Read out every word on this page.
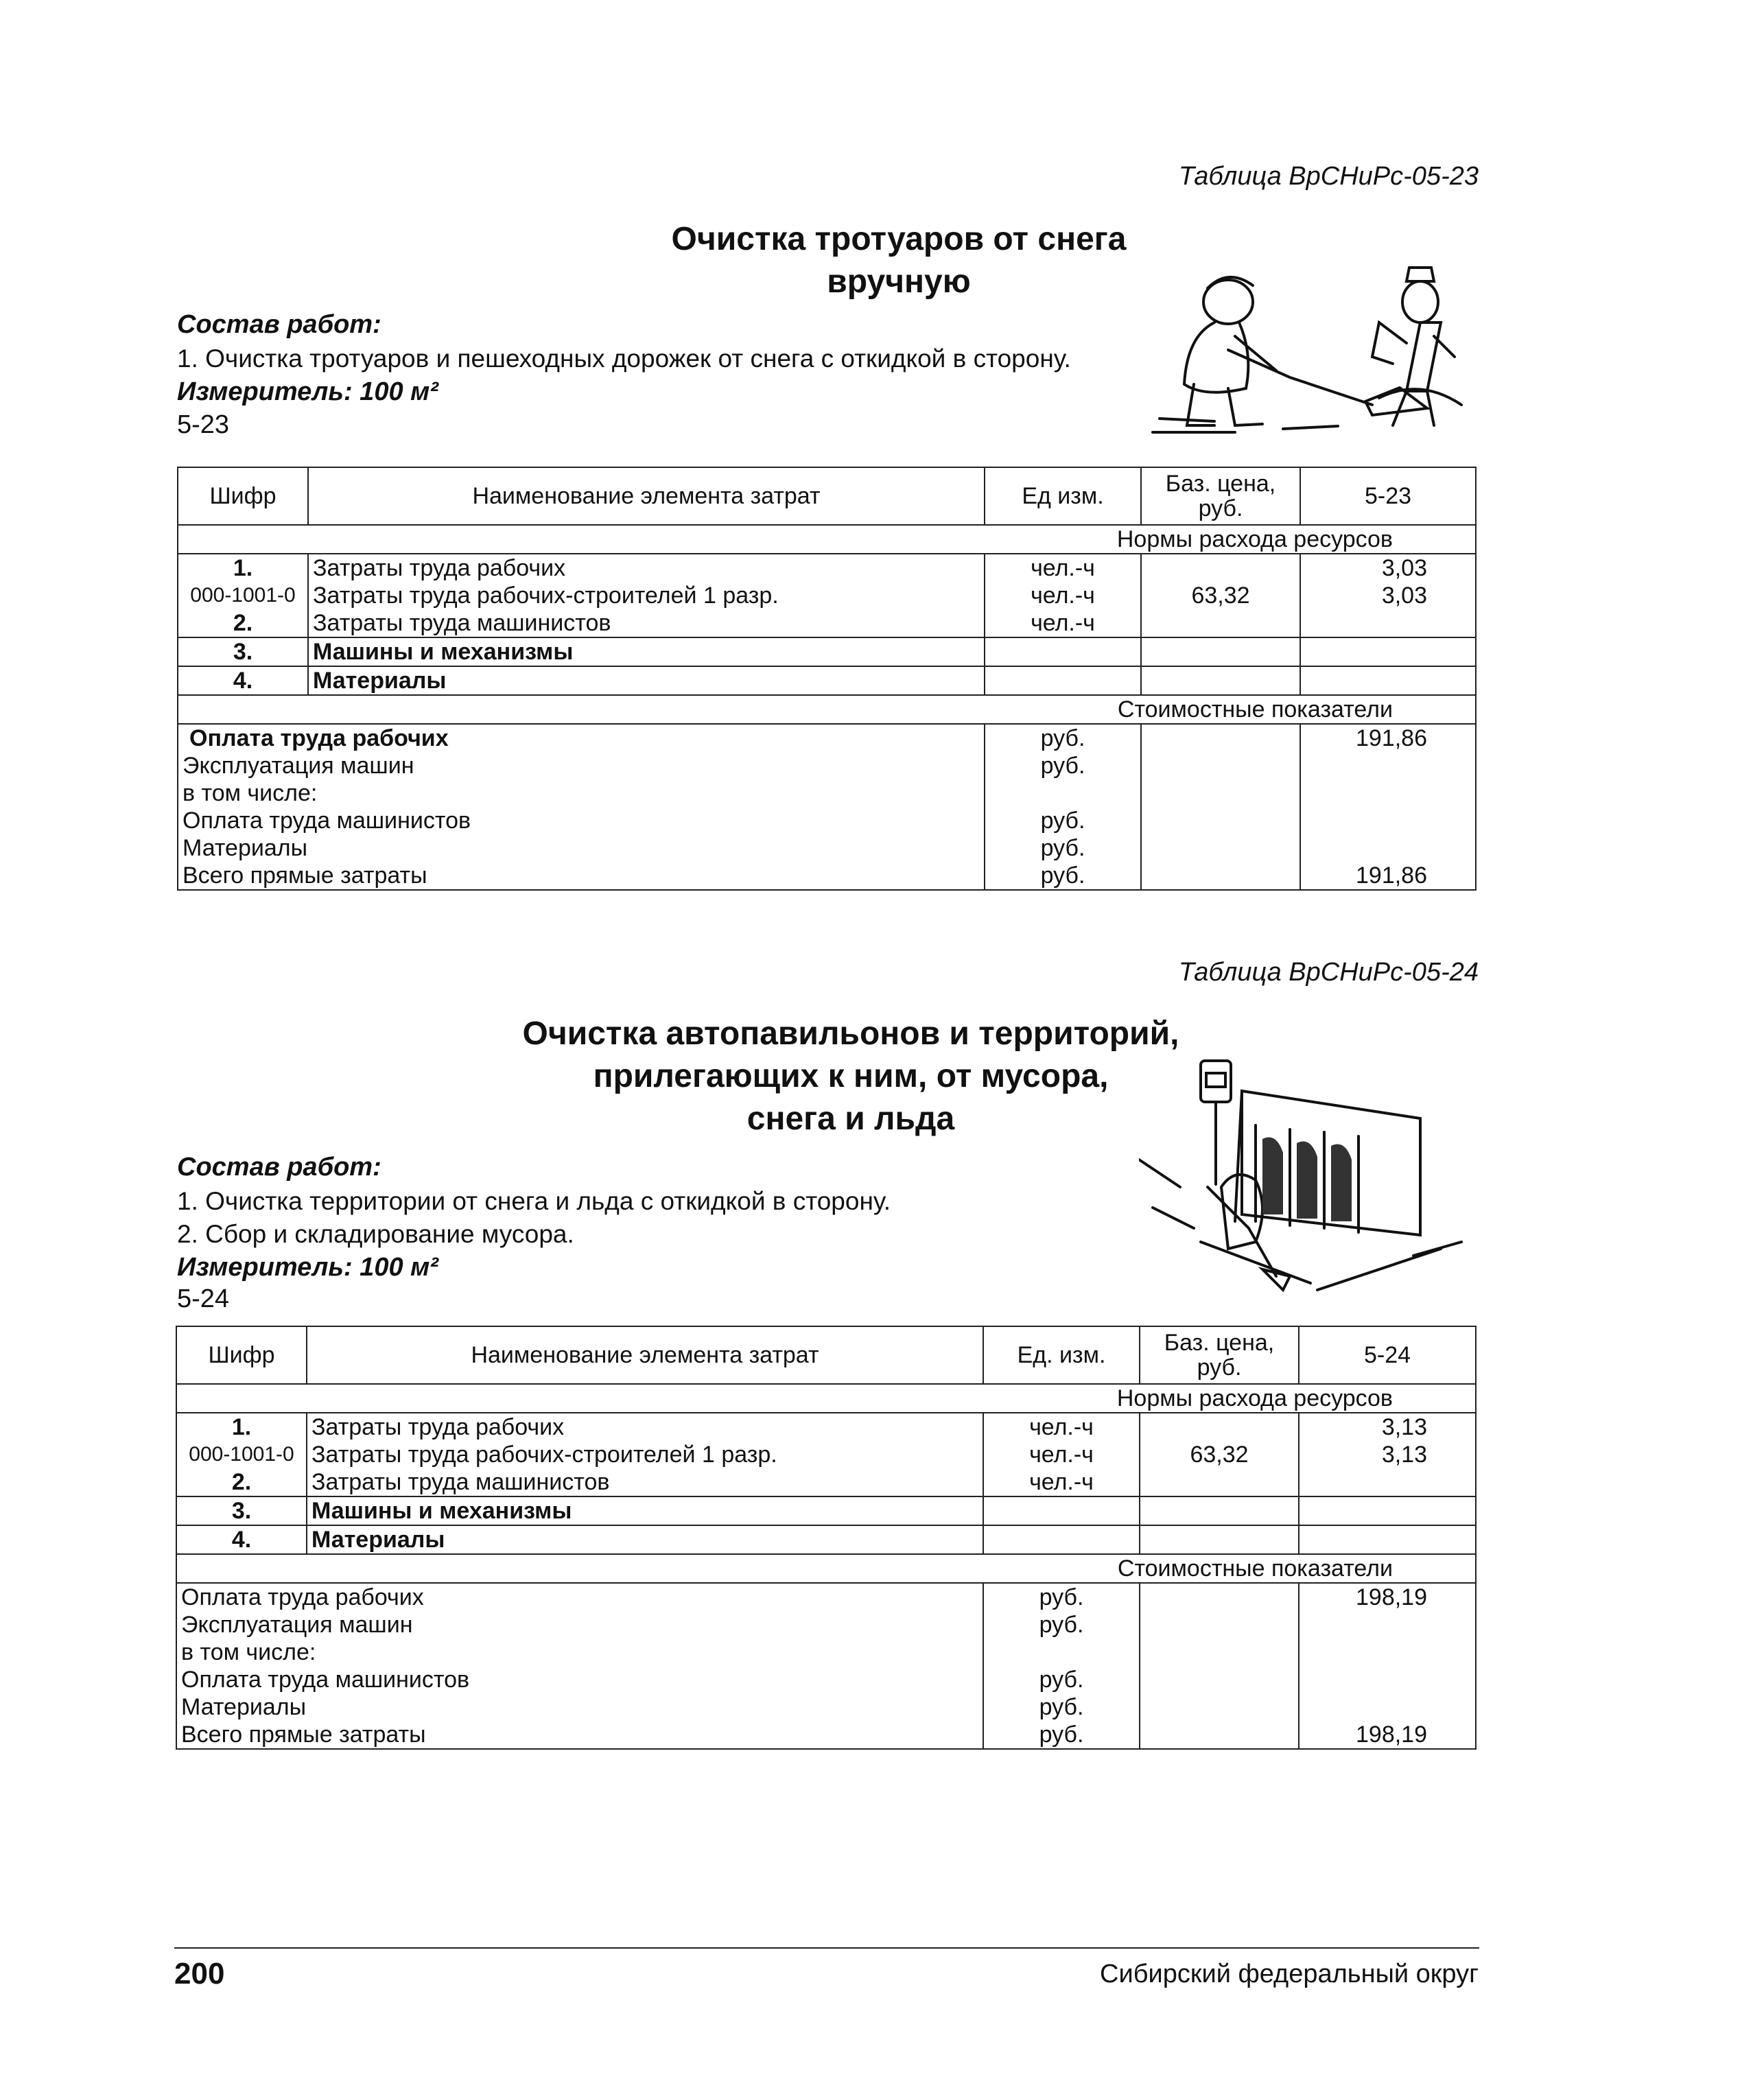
Таблица ВрСНиРс-05-23
Очистка тротуаров от снега
вручную
Состав работ:
1. Очистка тротуаров и пешеходных дорожек от снега с откидкой в сторону.
Измеритель: 100 м²
5-23
Шифр	Наименование элемента затрат	Ед изм.	Баз. цена, руб.	5-23
Нормы расхода ресурсов				
1.	Затраты труда рабочих	чел.-ч		3,03
000-1001-0	Затраты труда рабочих-строителей 1 разр.	чел.-ч	63,32	3,03
2.	Затраты труда машинистов	чел.-ч		
3.	Машины и механизмы			
4.	Материалы			
Стоимостные показатели				
Оплата труда рабочих		руб.		191,86
Эксплуатация машин		руб.		
в том числе:				
Оплата труда машинистов		руб.		
Материалы		руб.		
Всего прямые затраты		руб.		191,86
Таблица ВрСНиРс-05-24
Очистка автопавильонов и территорий,
прилегающих к ним, от мусора,
снега и льда
Состав работ:
1. Очистка территории от снега и льда с откидкой в сторону.
2. Сбор и складирование мусора.
Измеритель: 100 м²
5-24
Шифр	Наименование элемента затрат	Ед. изм.	Баз. цена, руб.	5-24
Нормы расхода ресурсов				
1.	Затраты труда рабочих	чел.-ч		3,13
000-1001-0	Затраты труда рабочих-строителей 1 разр.	чел.-ч	63,32	3,13
2.	Затраты труда машинистов	чел.-ч		
3.	Машины и механизмы			
4.	Материалы			
Стоимостные показатели				
Оплата труда рабочих		руб.		198,19
Эксплуатация машин		руб.		
в том числе:				
Оплата труда машинистов		руб.		
Материалы		руб.		
Всего прямые затраты		руб.		198,19
200	Сибирский федеральный округ
